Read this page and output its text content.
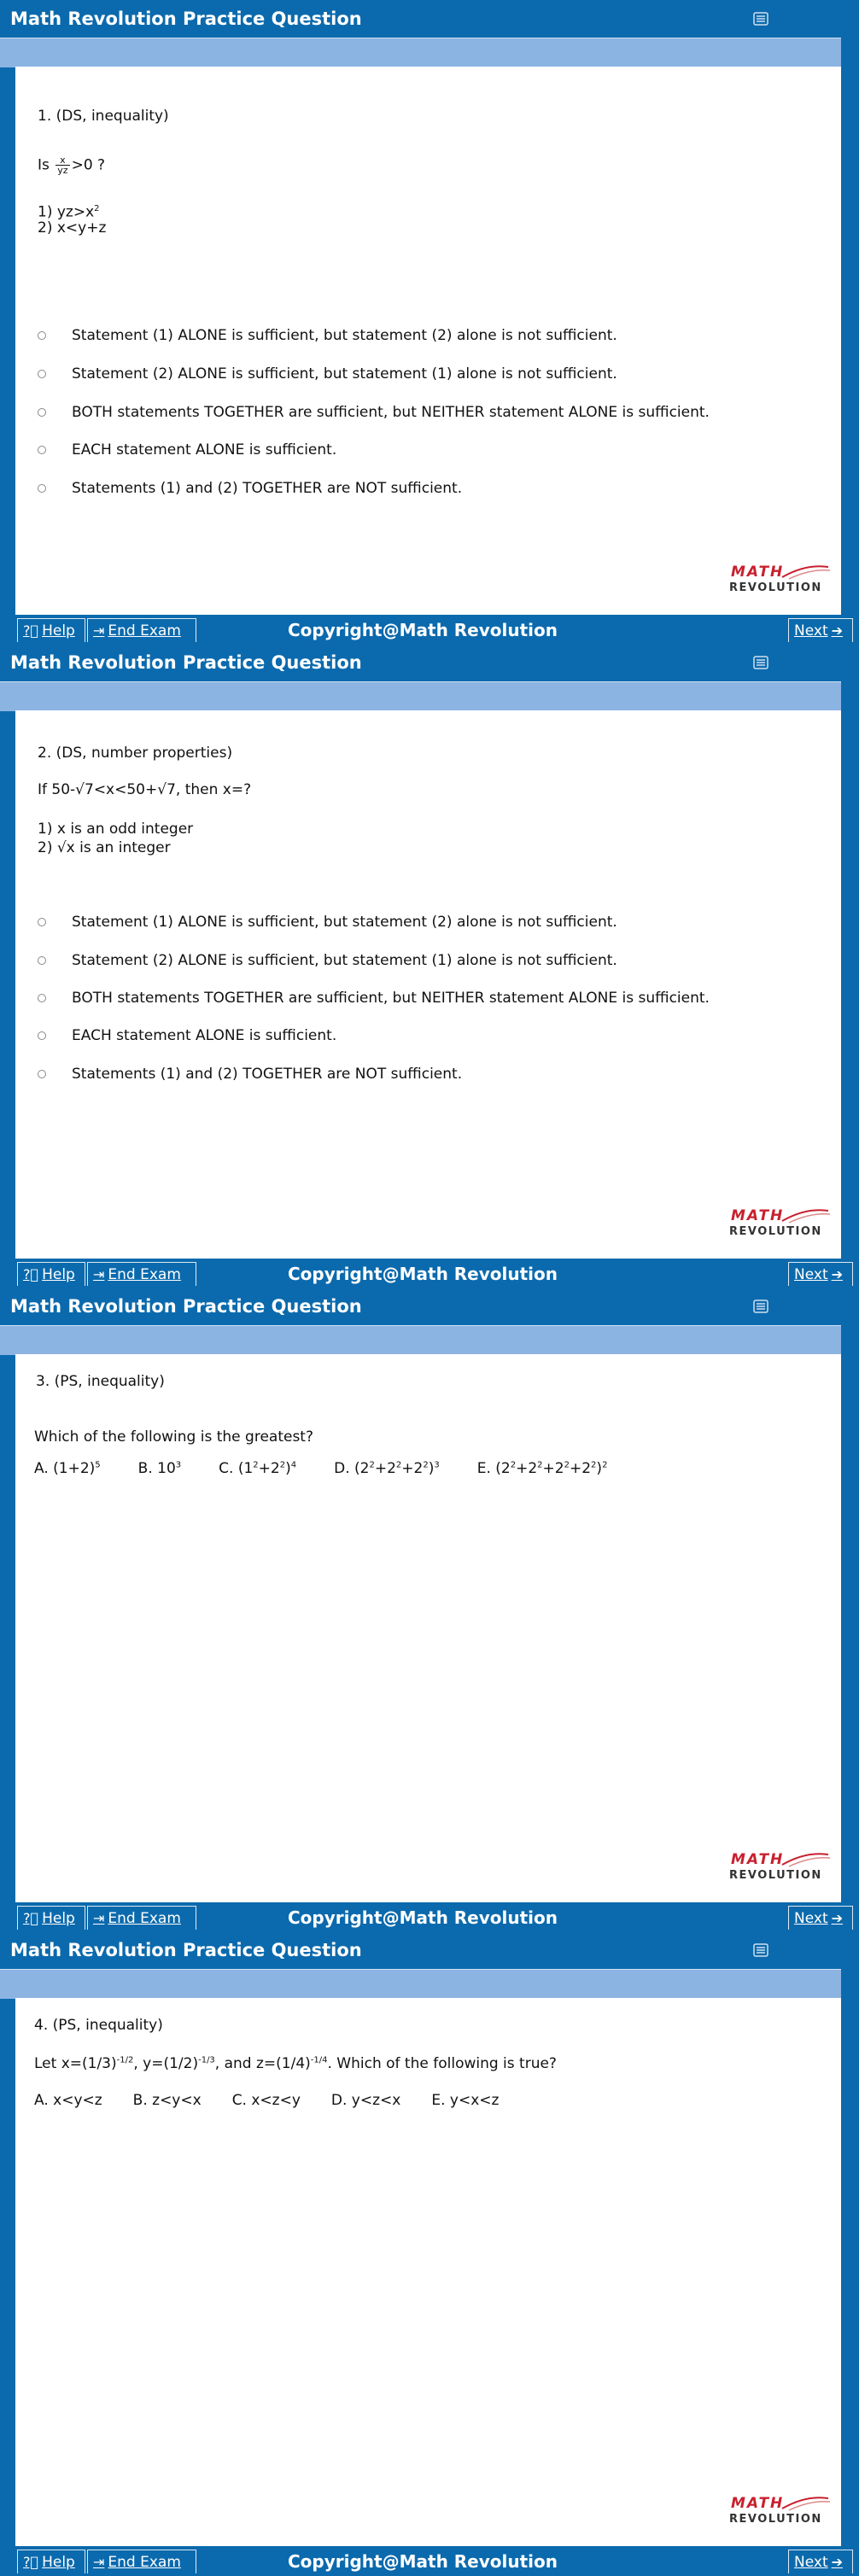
Math Revolution Practice Question
1. (DS, inequality)
Is $\frac{x}{yz} >0$ ?
1) $yz>x^2$
2) x<y+z
Statement (1) ALONE is sufficient, but statement (2) alone is not sufficient.
Statement (2) ALONE is sufficient, but statement (1) alone is not sufficient.
BOTH statements TOGETHER are sufficient, but NEITHER statement ALONE is sufficient.
EACH statement ALONE is sufficient.
Statements (1) and (2) TOGETHER are NOT sufficient.
MATH
REVOLUTION
?⃝ Help ⇥ End Exam	Copyright@Math Revolution	Next ➔
Math Revolution Practice Question
2. (DS, number properties)
If 50-√7<x<50+√7, then x=?
1) x is an odd integer
2) √x is an integer
Statement (1) ALONE is sufficient, but statement (2) alone is not sufficient.
Statement (2) ALONE is sufficient, but statement (1) alone is not sufficient.
BOTH statements TOGETHER are sufficient, but NEITHER statement ALONE is sufficient.
EACH statement ALONE is sufficient.
Statements (1) and (2) TOGETHER are NOT sufficient.
MATH
REVOLUTION
?⃝ Help ⇥ End Exam	Copyright@Math Revolution	Next ➔
Math Revolution Practice Question
3. (PS, inequality)
Which of the following is the greatest?
A. $(1+2)^5$	B. $10^3$	C. $(1^2+2^2)^4$	D. $(2^2+2^2+2^2)^3$	E. $(2^2+2^2+2^2+2^2)^2$
MATH
REVOLUTION
?⃝ Help ⇥ End Exam	Copyright@Math Revolution	Next ➔
Math Revolution Practice Question
4. (PS, inequality)
Let $x=(1/3)^{-1/2}$, $y=(1/2)^{-1/3}$, and $z=(1/4)^{-1/4}$. Which of the following is true?
A. x<y<z B. z<y<x C. x<z<y D. y<z<x E. y<x<z
MATH
REVOLUTION
?⃝ Help ⇥ End Exam	Copyright@Math Revolution	Next ➔
